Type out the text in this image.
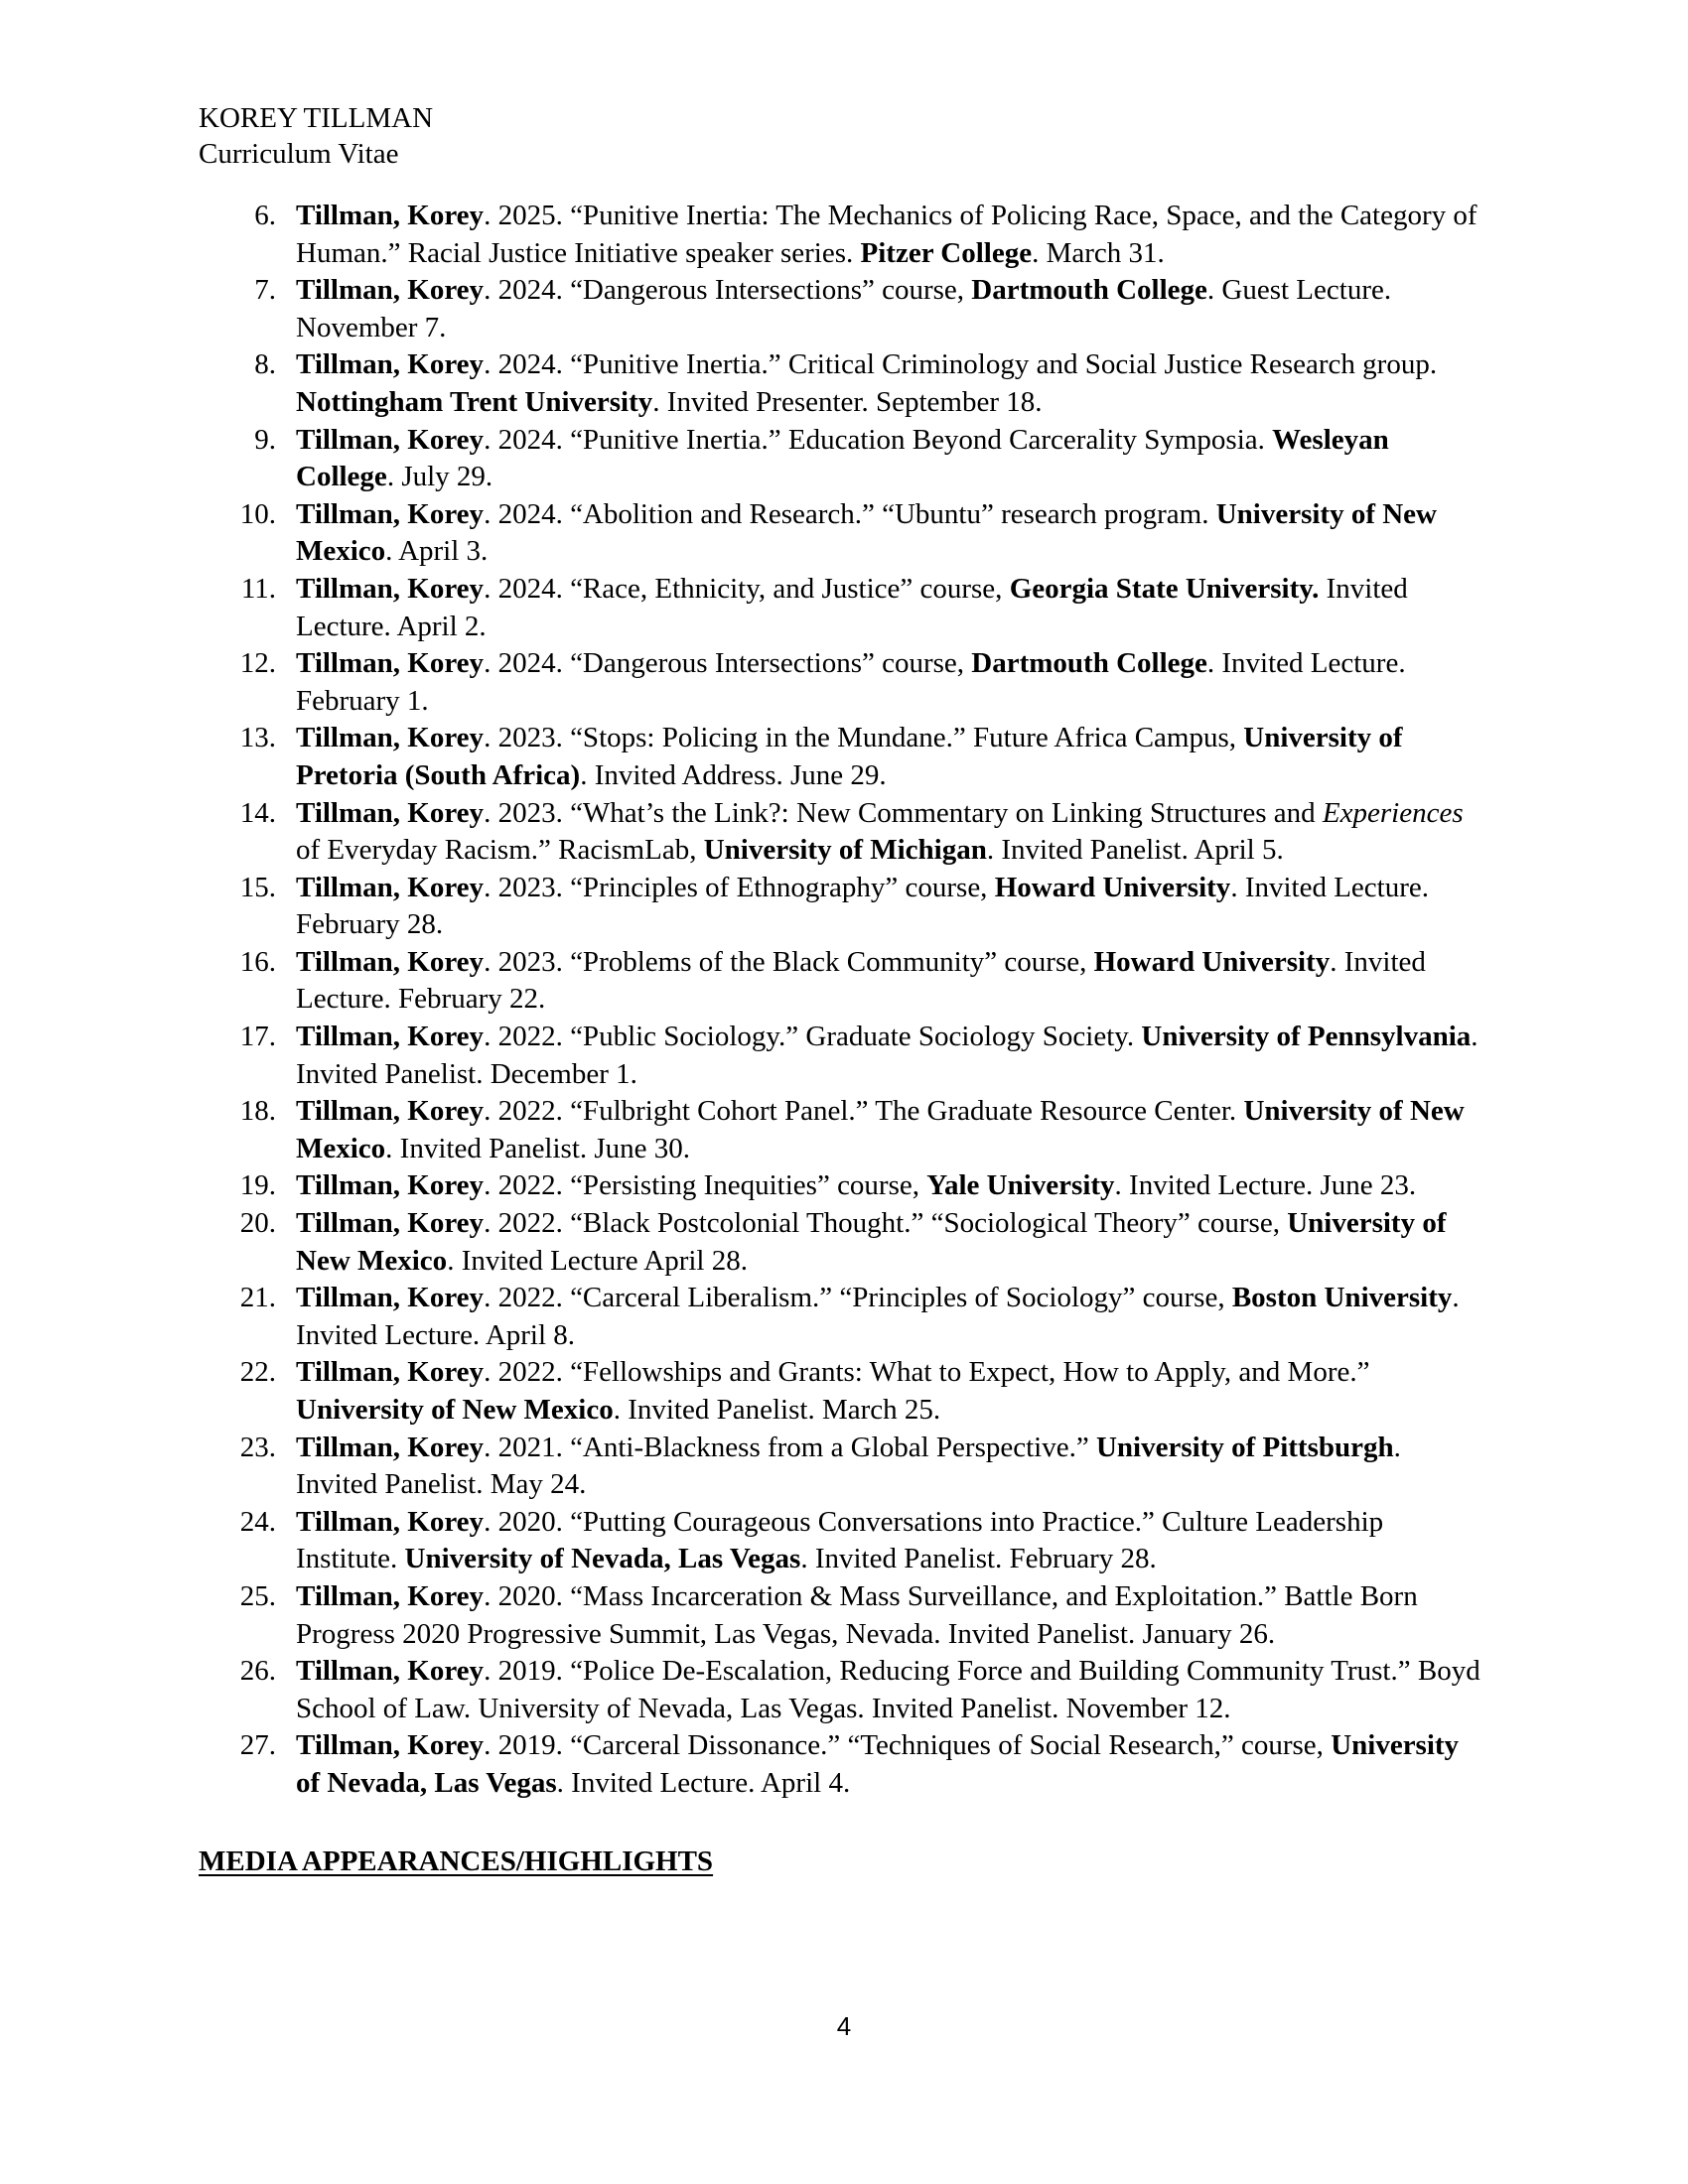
KOREY TILLMAN
Curriculum Vitae
6. Tillman, Korey. 2025. “Punitive Inertia: The Mechanics of Policing Race, Space, and the Category of Human.” Racial Justice Initiative speaker series. Pitzer College. March 31.
7. Tillman, Korey. 2024. “Dangerous Intersections” course, Dartmouth College. Guest Lecture. November 7.
8. Tillman, Korey. 2024. “Punitive Inertia.” Critical Criminology and Social Justice Research group. Nottingham Trent University. Invited Presenter. September 18.
9. Tillman, Korey. 2024. “Punitive Inertia.” Education Beyond Carcerality Symposia. Wesleyan College. July 29.
10. Tillman, Korey. 2024. “Abolition and Research.” “Ubuntu” research program. University of New Mexico. April 3.
11. Tillman, Korey. 2024. “Race, Ethnicity, and Justice” course, Georgia State University. Invited Lecture. April 2.
12. Tillman, Korey. 2024. “Dangerous Intersections” course, Dartmouth College. Invited Lecture. February 1.
13. Tillman, Korey. 2023. “Stops: Policing in the Mundane.” Future Africa Campus, University of Pretoria (South Africa). Invited Address. June 29.
14. Tillman, Korey. 2023. “What’s the Link?: New Commentary on Linking Structures and Experiences of Everyday Racism.” RacismLab, University of Michigan. Invited Panelist. April 5.
15. Tillman, Korey. 2023. “Principles of Ethnography” course, Howard University. Invited Lecture. February 28.
16. Tillman, Korey. 2023. “Problems of the Black Community” course, Howard University. Invited Lecture. February 22.
17. Tillman, Korey. 2022. “Public Sociology.” Graduate Sociology Society. University of Pennsylvania. Invited Panelist. December 1.
18. Tillman, Korey. 2022. “Fulbright Cohort Panel.” The Graduate Resource Center. University of New Mexico. Invited Panelist. June 30.
19. Tillman, Korey. 2022. “Persisting Inequities” course, Yale University. Invited Lecture. June 23.
20. Tillman, Korey. 2022. “Black Postcolonial Thought.” “Sociological Theory” course, University of New Mexico. Invited Lecture April 28.
21. Tillman, Korey. 2022. “Carceral Liberalism.” “Principles of Sociology” course, Boston University. Invited Lecture. April 8.
22. Tillman, Korey. 2022. “Fellowships and Grants: What to Expect, How to Apply, and More.” University of New Mexico. Invited Panelist. March 25.
23. Tillman, Korey. 2021. “Anti-Blackness from a Global Perspective.” University of Pittsburgh. Invited Panelist. May 24.
24. Tillman, Korey. 2020. “Putting Courageous Conversations into Practice.” Culture Leadership Institute. University of Nevada, Las Vegas. Invited Panelist. February 28.
25. Tillman, Korey. 2020. “Mass Incarceration & Mass Surveillance, and Exploitation.” Battle Born Progress 2020 Progressive Summit, Las Vegas, Nevada. Invited Panelist. January 26.
26. Tillman, Korey. 2019. “Police De-Escalation, Reducing Force and Building Community Trust.” Boyd School of Law. University of Nevada, Las Vegas. Invited Panelist. November 12.
27. Tillman, Korey. 2019. “Carceral Dissonance.” “Techniques of Social Research,” course, University of Nevada, Las Vegas. Invited Lecture. April 4.
MEDIA APPEARANCES/HIGHLIGHTS
4
